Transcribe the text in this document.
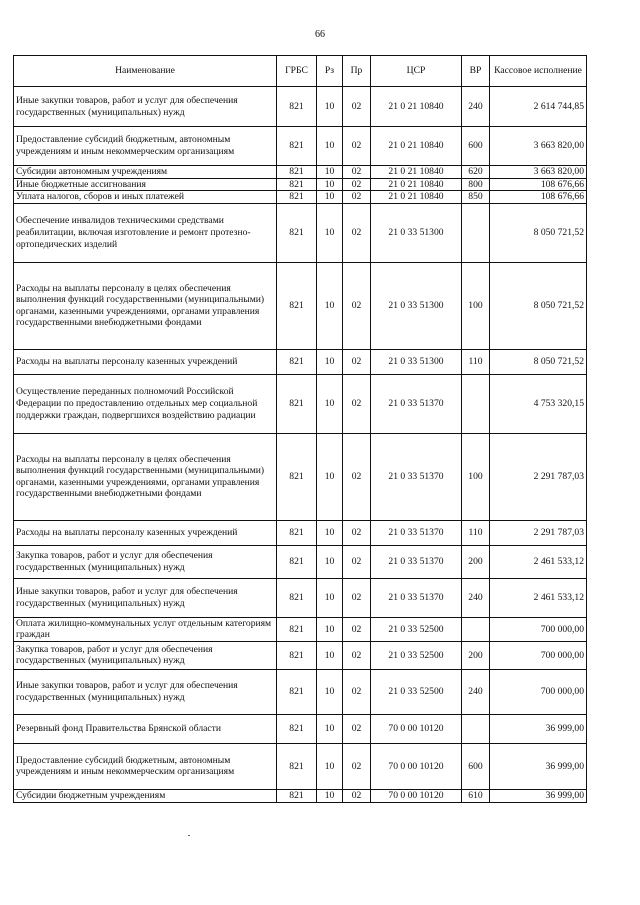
66
Наименование	ГРБС	Рз	Пр	ЦСР	ВР	Кассовое исполнение
Иные закупки товаров, работ и услуг для обеспечения государственных (муниципальных) нужд	821	10	02	21 0 21 10840	240	2 614 744,85
Предоставление субсидий бюджетным, автономным учреждениям и иным некоммерческим организациям	821	10	02	21 0 21 10840	600	3 663 820,00
Субсидии автономным учреждениям	821	10	02	21 0 21 10840	620	3 663 820,00
Иные бюджетные ассигнования	821	10	02	21 0 21 10840	800	108 676,66
Уплата налогов, сборов и иных платежей	821	10	02	21 0 21 10840	850	108 676,66
Обеспечение инвалидов техническими средствами реабилитации, включая изготовление и ремонт протезно-ортопедических изделий	821	10	02	21 0 33 51300		8 050 721,52
Расходы на выплаты персоналу в целях обеспечения выполнения функций государственными (муниципальными) органами, казенными учреждениями, органами управления государственными внебюджетными фондами	821	10	02	21 0 33 51300	100	8 050 721,52
Расходы на выплаты персоналу казенных учреждений	821	10	02	21 0 33 51300	110	8 050 721,52
Осуществление переданных полномочий Российской Федерации по предоставлению отдельных мер социальной поддержки граждан, подвергшихся воздействию радиации	821	10	02	21 0 33 51370		4 753 320,15
Расходы на выплаты персоналу в целях обеспечения выполнения функций государственными (муниципальными) органами, казенными учреждениями, органами управления государственными внебюджетными фондами	821	10	02	21 0 33 51370	100	2 291 787,03
Расходы на выплаты персоналу казенных учреждений	821	10	02	21 0 33 51370	110	2 291 787,03
Закупка товаров, работ и услуг для обеспечения государственных (муниципальных) нужд	821	10	02	21 0 33 51370	200	2 461 533,12
Иные закупки товаров, работ и услуг для обеспечения государственных (муниципальных) нужд	821	10	02	21 0 33 51370	240	2 461 533,12
Оплата жилищно-коммунальных услуг отдельным категориям граждан	821	10	02	21 0 33 52500		700 000,00
Закупка товаров, работ и услуг для обеспечения государственных (муниципальных) нужд	821	10	02	21 0 33 52500	200	700 000,00
Иные закупки товаров, работ и услуг для обеспечения государственных (муниципальных) нужд	821	10	02	21 0 33 52500	240	700 000,00
Резервный фонд Правительства Брянской области	821	10	02	70 0 00 10120		36 999,00
Предоставление субсидий бюджетным, автономным учреждениям и иным некоммерческим организациям	821	10	02	70 0 00 10120	600	36 999,00
Субсидии бюджетным учреждениям	821	10	02	70 0 00 10120	610	36 999,00
